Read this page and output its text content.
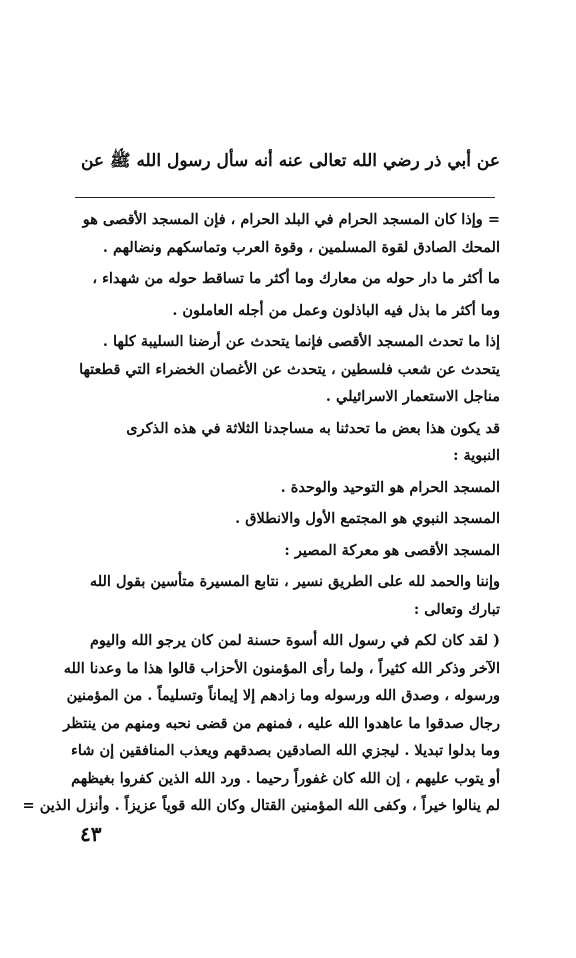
عن أبي ذر رضي الله تعالى عنه أنه سأل رسول الله ﷺ عن
= وإذا كان المسجد الحرام في البلد الحرام ، فإن المسجد الأقصى هو
المحك الصادق لقوة المسلمين ، وقوة العرب وتماسكهم ونضالهم .
ما أكثر ما دار حوله من معارك وما أكثر ما تساقط حوله من شهداء ،
وما أكثر ما بذل فيه الباذلون وعمل من أجله العاملون .
إذا ما تحدث المسجد الأقصى فإنما يتحدث عن أرضنا السليبة كلها .
يتحدث عن شعب فلسطين ، يتحدث عن الأغصان الخضراء التي قطعتها
مناجل الاستعمار الاسرائيلي .
قد يكون هذا بعض ما تحدثنا به مساجدنا الثلاثة في هذه الذكرى
النبوية :
المسجد الحرام هو التوحيد والوحدة .
المسجد النبوي هو المجتمع الأول والانطلاق .
المسجد الأقصى هو معركة المصير :
وإننا والحمد لله على الطريق نسير ، نتابع المسيرة متأسين بقول الله
تبارك وتعالى :
( لقد كان لكم في رسول الله أسوة حسنة لمن كان يرجو الله واليوم
الآخر وذكر الله كثيراً ، ولما رأى المؤمنون الأحزاب قالوا هذا ما وعدنا الله
ورسوله ، وصدق الله ورسوله وما زادهم إلا إيماناً وتسليماً . من المؤمنين
رجال صدقوا ما عاهدوا الله عليه ، فمنهم من قضى نحبه ومنهم من ينتظر
وما بدلوا تبديلا . ليجزي الله الصادقين بصدقهم ويعذب المنافقين إن شاء
أو يتوب عليهم ، إن الله كان غفوراً رحيما . ورد الله الذين كفروا بغيظهم
لم ينالوا خيراً ، وكفى الله المؤمنين القتال وكان الله قوياً عزيزاً . وأنزل الذين =
٤٣
